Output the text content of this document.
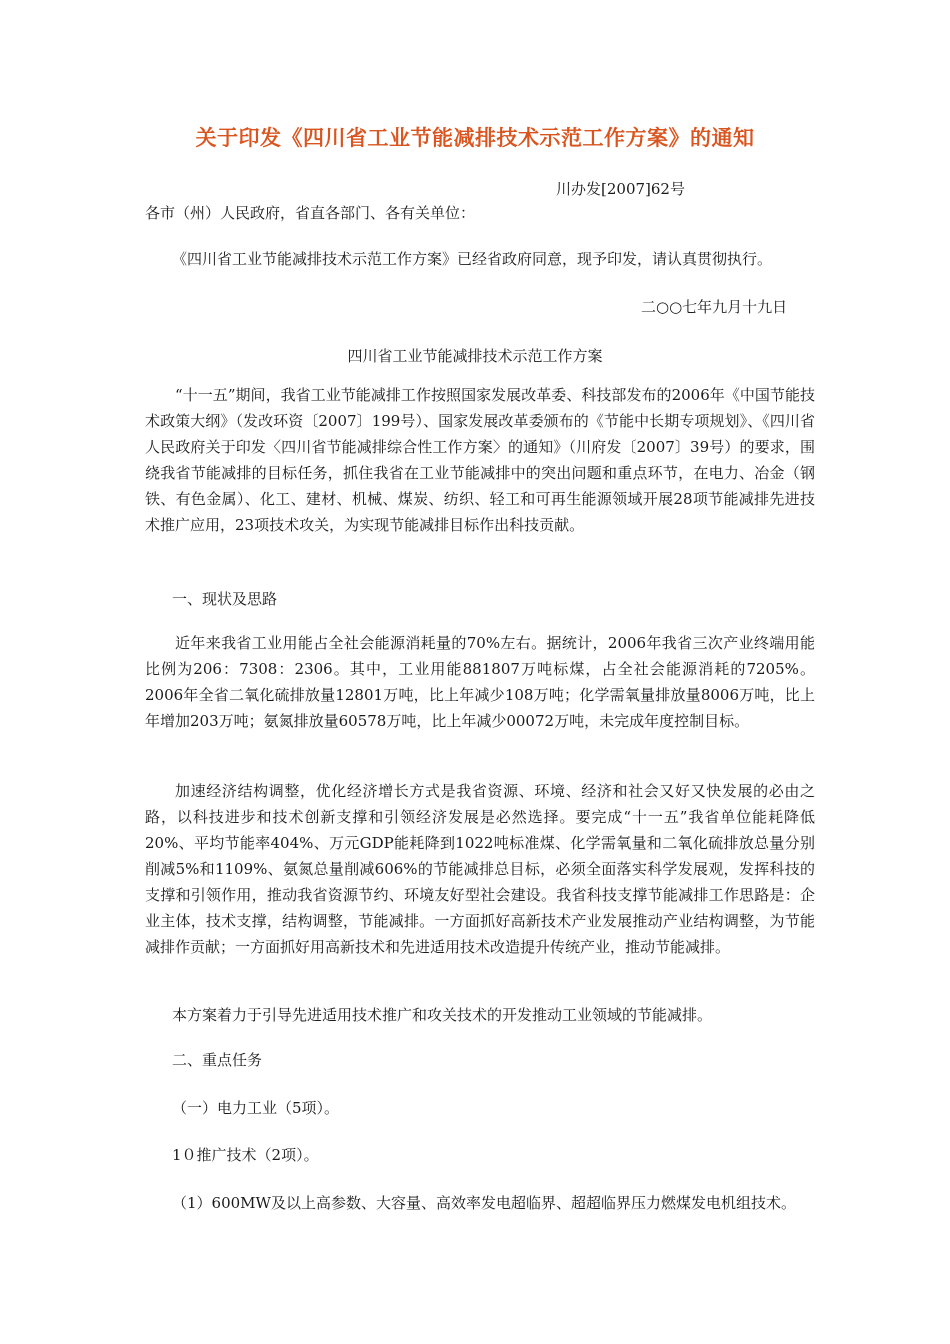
关于印发《四川省工业节能减排技术示范工作方案》的通知
川办发[2007]62号
各市（州）人民政府，省直各部门、各有关单位：
《四川省工业节能减排技术示范工作方案》已经省政府同意，现予印发，请认真贯彻执行。
二○○七年九月十九日
四川省工业节能减排技术示范工作方案
“十一五”期间，我省工业节能减排工作按照国家发展改革委、科技部发布的2006年《中国节能技术政策大纲》（发改环资〔2007〕199号）、国家发展改革委颁布的《节能中长期专项规划》、《四川省人民政府关于印发〈四川省节能减排综合性工作方案〉的通知》（川府发〔2007〕39号）的要求，围绕我省节能减排的目标任务，抓住我省在工业节能减排中的突出问题和重点环节，在电力、冶金（钢铁、有色金属）、化工、建材、机械、煤炭、纺织、轻工和可再生能源领域开展28项节能减排先进技术推广应用，23项技术攻关，为实现节能减排目标作出科技贡献。
一、现状及思路
近年来我省工业用能占全社会能源消耗量的70%左右。据统计，2006年我省三次产业终端用能比例为206：7308：2306。其中，工业用能881807万吨标煤，占全社会能源消耗的7205%。2006年全省二氧化硫排放量12801万吨，比上年减少108万吨；化学需氧量排放量8006万吨，比上年增加203万吨；氨氮排放量60578万吨，比上年减少00072万吨，未完成年度控制目标。
加速经济结构调整，优化经济增长方式是我省资源、环境、经济和社会又好又快发展的必由之路，以科技进步和技术创新支撑和引领经济发展是必然选择。要完成“十一五”我省单位能耗降低20%、平均节能率404%、万元GDP能耗降到1022吨标准煤、化学需氧量和二氧化硫排放总量分别削减5%和1109%、氨氮总量削减606%的节能减排总目标，必须全面落实科学发展观，发挥科技的支撑和引领作用，推动我省资源节约、环境友好型社会建设。我省科技支撑节能减排工作思路是：企业主体，技术支撑，结构调整，节能减排。一方面抓好高新技术产业发展推动产业结构调整，为节能减排作贡献；一方面抓好用高新技术和先进适用技术改造提升传统产业，推动节能减排。
本方案着力于引导先进适用技术推广和攻关技术的开发推动工业领域的节能减排。
二、重点任务
（一）电力工业（5项）。
1０推广技术（2项）。
（1）600MW及以上高参数、大容量、高效率发电超临界、超超临界压力燃煤发电机组技术。
